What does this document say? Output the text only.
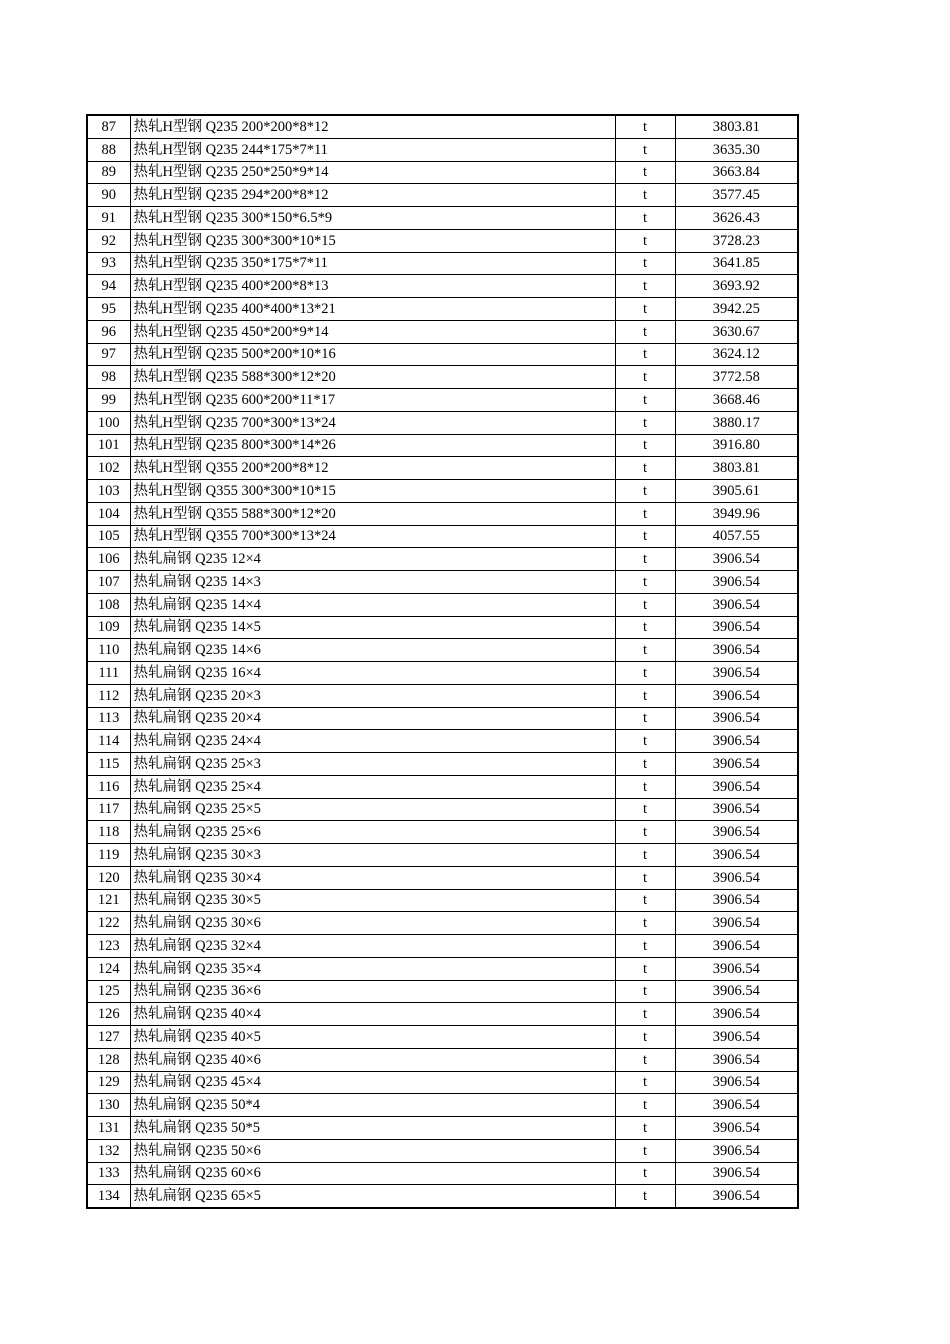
87	热轧H型钢 Q235 200*200*8*12	t	3803.81
88	热轧H型钢 Q235 244*175*7*11	t	3635.30
89	热轧H型钢 Q235 250*250*9*14	t	3663.84
90	热轧H型钢 Q235 294*200*8*12	t	3577.45
91	热轧H型钢 Q235 300*150*6.5*9	t	3626.43
92	热轧H型钢 Q235 300*300*10*15	t	3728.23
93	热轧H型钢 Q235 350*175*7*11	t	3641.85
94	热轧H型钢 Q235 400*200*8*13	t	3693.92
95	热轧H型钢 Q235 400*400*13*21	t	3942.25
96	热轧H型钢 Q235 450*200*9*14	t	3630.67
97	热轧H型钢 Q235 500*200*10*16	t	3624.12
98	热轧H型钢 Q235 588*300*12*20	t	3772.58
99	热轧H型钢 Q235 600*200*11*17	t	3668.46
100	热轧H型钢 Q235 700*300*13*24	t	3880.17
101	热轧H型钢 Q235 800*300*14*26	t	3916.80
102	热轧H型钢 Q355 200*200*8*12	t	3803.81
103	热轧H型钢 Q355 300*300*10*15	t	3905.61
104	热轧H型钢 Q355 588*300*12*20	t	3949.96
105	热轧H型钢 Q355 700*300*13*24	t	4057.55
106	热轧扁钢 Q235 12×4	t	3906.54
107	热轧扁钢 Q235 14×3	t	3906.54
108	热轧扁钢 Q235 14×4	t	3906.54
109	热轧扁钢 Q235 14×5	t	3906.54
110	热轧扁钢 Q235 14×6	t	3906.54
111	热轧扁钢 Q235 16×4	t	3906.54
112	热轧扁钢 Q235 20×3	t	3906.54
113	热轧扁钢 Q235 20×4	t	3906.54
114	热轧扁钢 Q235 24×4	t	3906.54
115	热轧扁钢 Q235 25×3	t	3906.54
116	热轧扁钢 Q235 25×4	t	3906.54
117	热轧扁钢 Q235 25×5	t	3906.54
118	热轧扁钢 Q235 25×6	t	3906.54
119	热轧扁钢 Q235 30×3	t	3906.54
120	热轧扁钢 Q235 30×4	t	3906.54
121	热轧扁钢 Q235 30×5	t	3906.54
122	热轧扁钢 Q235 30×6	t	3906.54
123	热轧扁钢 Q235 32×4	t	3906.54
124	热轧扁钢 Q235 35×4	t	3906.54
125	热轧扁钢 Q235 36×6	t	3906.54
126	热轧扁钢 Q235 40×4	t	3906.54
127	热轧扁钢 Q235 40×5	t	3906.54
128	热轧扁钢 Q235 40×6	t	3906.54
129	热轧扁钢 Q235 45×4	t	3906.54
130	热轧扁钢 Q235 50*4	t	3906.54
131	热轧扁钢 Q235 50*5	t	3906.54
132	热轧扁钢 Q235 50×6	t	3906.54
133	热轧扁钢 Q235 60×6	t	3906.54
134	热轧扁钢 Q235 65×5	t	3906.54
